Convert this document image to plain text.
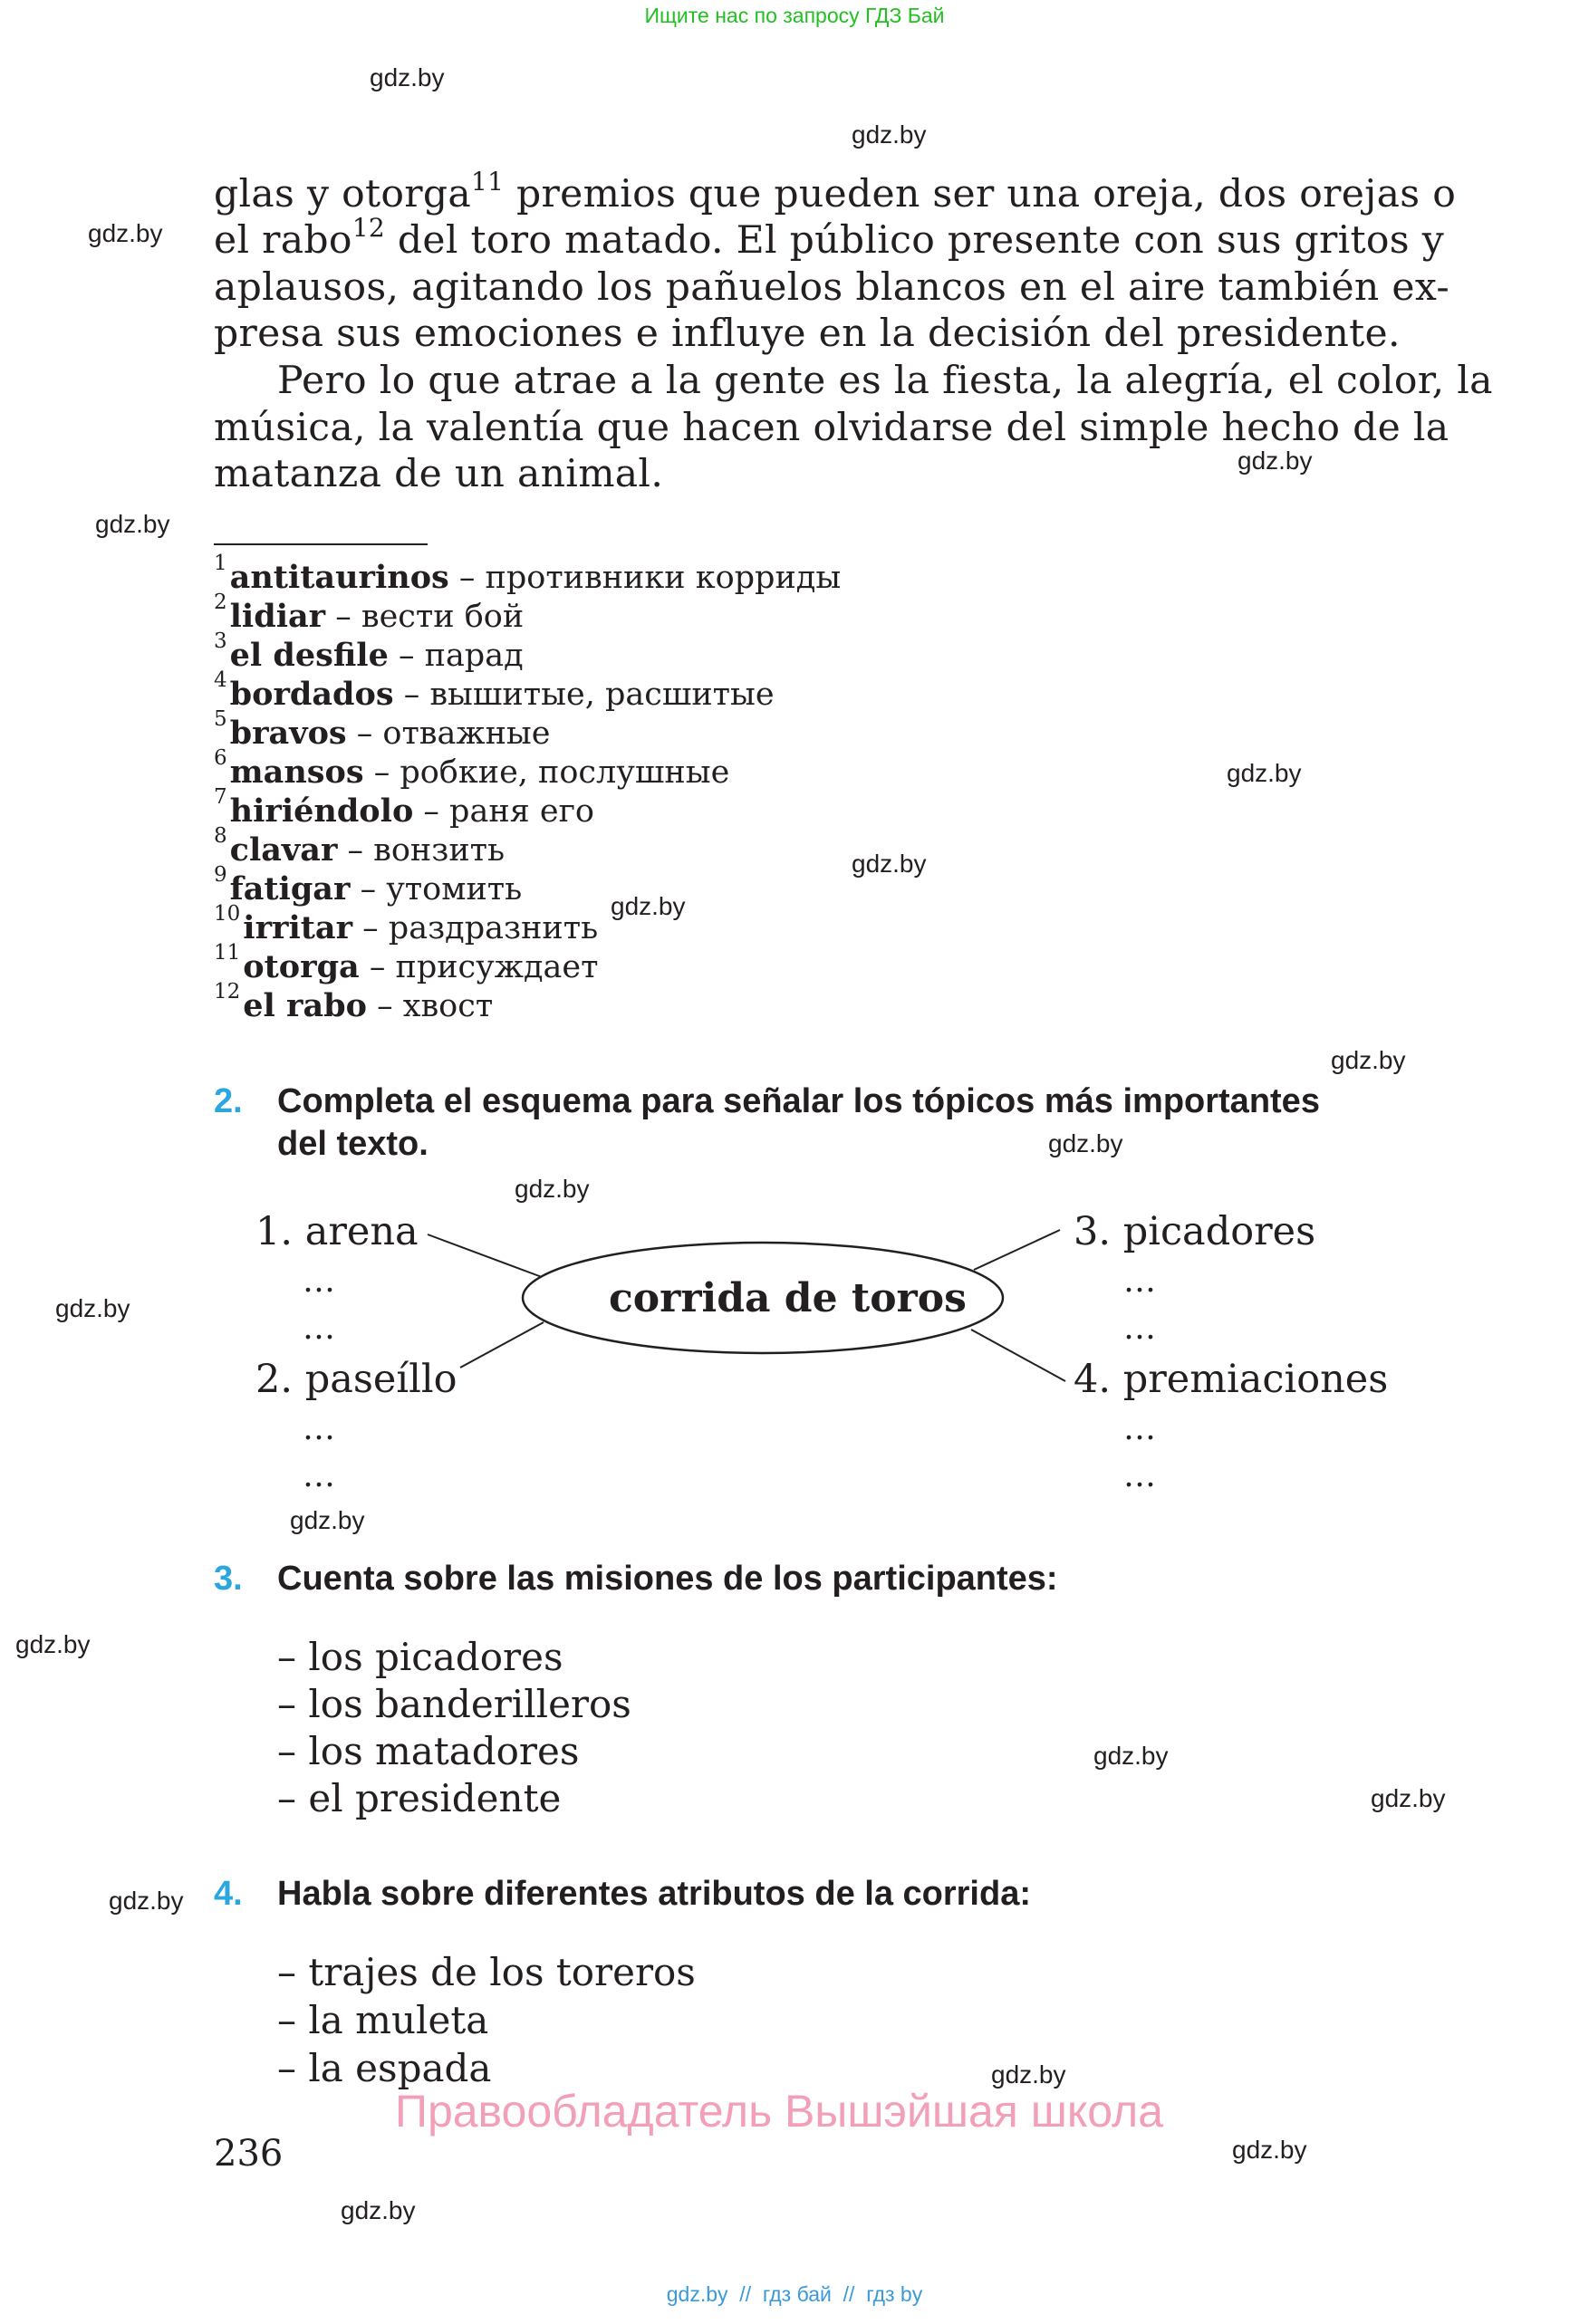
Ищите нас по запросу ГДЗ Бай
gdz.by
gdz.by
gdz.by
gdz.by
gdz.by
gdz.by
gdz.by
gdz.by
gdz.by
gdz.by
gdz.by
gdz.by
gdz.by
gdz.by
gdz.by
gdz.by
gdz.by
gdz.by
gdz.by
gdz.by
glas y otorga$^{11}$ premios que pueden ser una oreja, dos orejas o
el rabo$^{12}$ del toro matado. El público presente con sus gritos y
aplausos, agitando los pañuelos blancos en el aire también ex-
presa sus emociones e influye en la decisión del presidente.
Pero lo que atrae a la gente es la fiesta, la alegría, el color, la
música, la valentía que hacen olvidarse del simple hecho de la
matanza de un animal.
$^1$antitaurinos – противники корриды
$^2$lidiar – вести бой
$^3$el desfile – парад
$^4$bordados – вышитые, расшитые
$^5$bravos – отважные
$^6$mansos – робкие, послушные
$^7$hiriéndolo – раня его
$^8$clavar – вонзить
$^9$fatigar – утомить
$^{10}$irritar – раздразнить
$^{11}$otorga – присуждает
$^{12}$el rabo – хвост
2. Completa el esquema para señalar los tópicos más importantes
del texto.
corrida de toros
1. arena
…
…
2. paseíllo
…
…
3. picadores
…
…
4. premiaciones
…
…
3. Cuenta sobre las misiones de los participantes:
– los picadores
– los banderilleros
– los matadores
– el presidente
4. Habla sobre diferentes atributos de la corrida:
– trajes de los toreros
– la muleta
– la espada
Правообладатель Вышэйшая школа
236
gdz.by  //  гдз бай  //  гдз by
